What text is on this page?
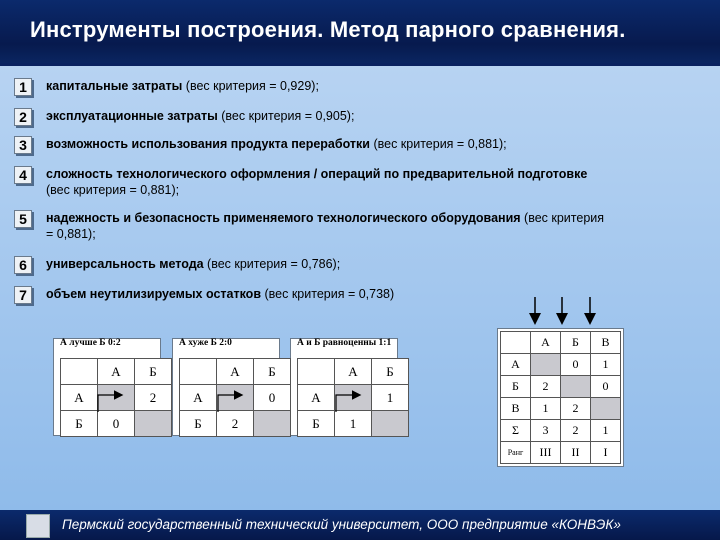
Инструменты построения. Метод парного сравнения.
1	капитальные затраты (вес критерия = 0,929);
2	эксплуатационные затраты (вес критерия = 0,905);
3	возможность использования продукта переработки (вес критерия = 0,881);
4	сложность технологического оформления / операций по предварительной подготовке (вес критерия = 0,881);
5	надежность и безопасность применяемого технологического оборудования (вес критерия = 0,881);
6	универсальность метода (вес критерия = 0,786);
7	объем неутилизируемых остатков (вес критерия = 0,738)
А лучше Б 0:2
	А	Б
А		2
Б	0	
А хуже Б 2:0
	А	Б
А		0
Б	2	
А и Б равноценны 1:1
	А	Б
А		1
Б	1	
	А	Б	В
А		0	1
Б	2		0
В	1	2	
Σ	3	2	1
Ранг	III	II	I
Пермский государственный технический университет, ООО предприятие «КОНВЭК»
